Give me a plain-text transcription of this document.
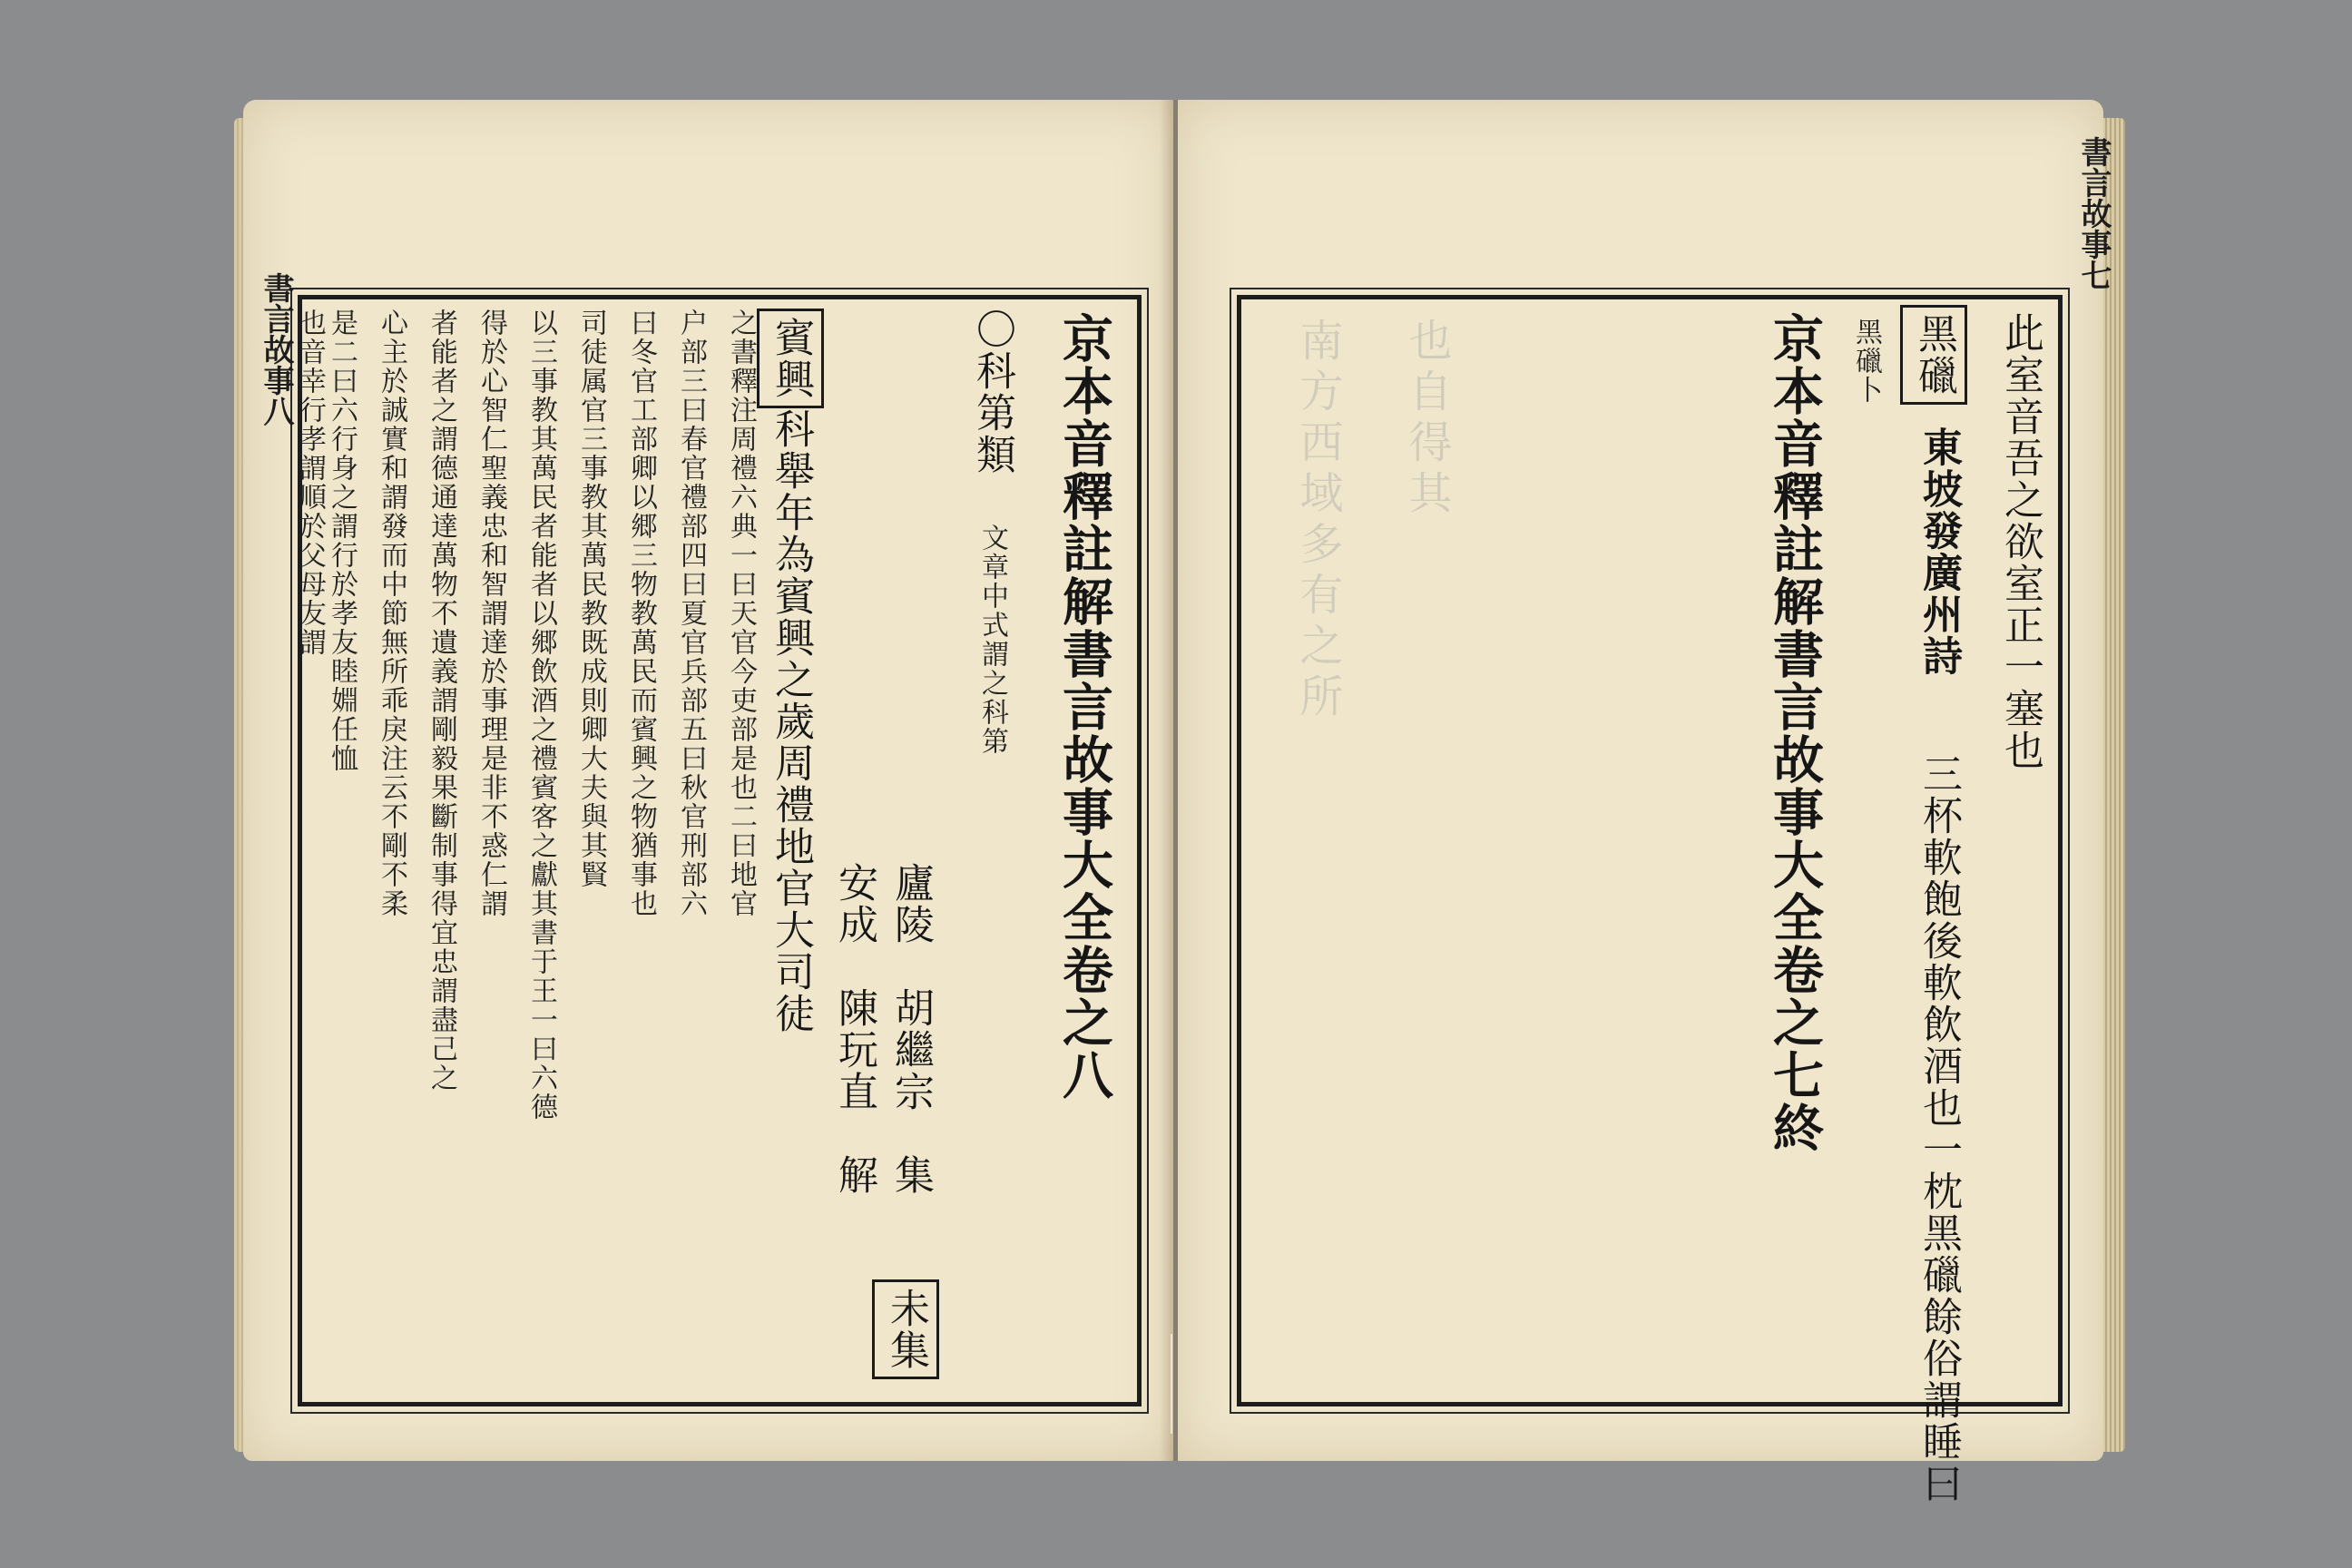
京本音釋註解書言故事大全卷之八
〇科第類 文章中式謂之科第
廬陵　胡繼宗　集
安成　陳玩直　解
未集
賓興科舉年為賓興之歲周禮地官大司徒
之書釋注周禮六典一曰天官今吏部是也二曰地官
户部三曰春官禮部四曰夏官兵部五曰秋官刑部六
曰冬官工部卿以郷三物教萬民而賓興之物猶事也
司徒属官三事教其萬民教既成則卿大夫與其賢
以三事教其萬民者能者以郷飲酒之禮賓客之獻其書于王一曰六德
得於心智仁聖義忠和智謂達於事理是非不惑仁謂
者能者之謂德通達萬物不遺義謂剛毅果斷制事得宜忠謂盡己之
心主於誠實和謂發而中節無所乖戾注云不剛不柔
是二曰六行身之謂行於孝友睦婣任恤
也音幸行孝謂順於父母友謂
書言故事八	南方西域多有之所 也自得其	此室音吾之欲室正一塞也
黑䃳
東坡發廣州詩
三杯軟飽後軟飲酒也一枕黑䃳餘俗謂睡曰
黑䃳卜
京本音釋註解書言故事大全卷之七終
書言故事七
